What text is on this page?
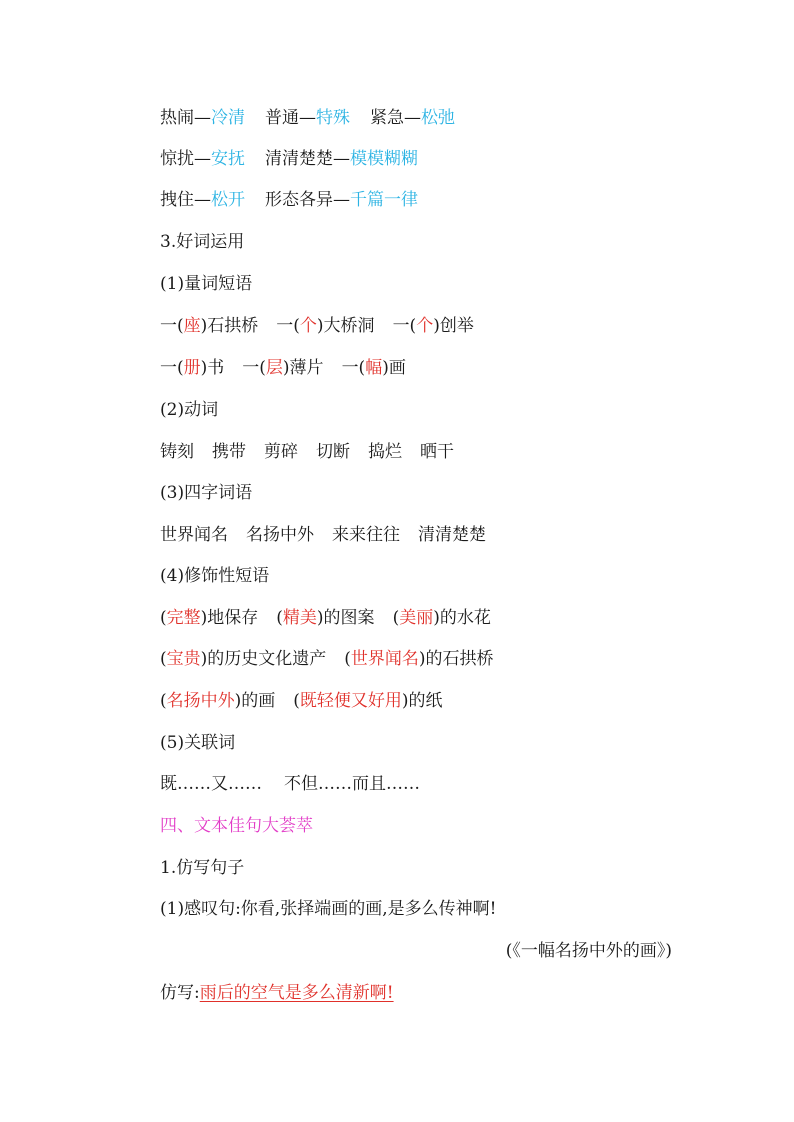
热闹—冷清 普通—特殊 紧急—松弛
惊扰—安抚 清清楚楚—模模糊糊
拽住—松开 形态各异—千篇一律
3.好词运用
(1)量词短语
一(座)石拱桥 一(个)大桥洞 一(个)创举
一(册)书 一(层)薄片 一(幅)画
(2)动词
铸刻 携带 剪碎 切断 捣烂 晒干
(3)四字词语
世界闻名 名扬中外 来来往往 清清楚楚
(4)修饰性短语
(完整)地保存 (精美)的图案 (美丽)的水花
(宝贵)的历史文化遗产 (世界闻名)的石拱桥
(名扬中外)的画 (既轻便又好用)的纸
(5)关联词
既……又…… 不但……而且……
四、文本佳句大荟萃
1.仿写句子
(1)感叹句:你看,张择端画的画,是多么传神啊!
(《一幅名扬中外的画》)
仿写:雨后的空气是多么清新啊!
